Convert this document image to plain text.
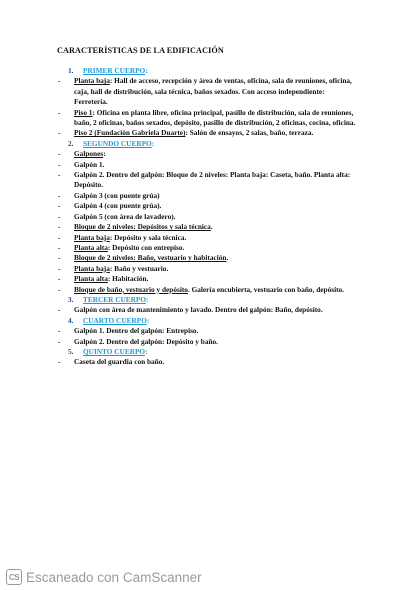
CARACTERÍSTICAS DE LA EDIFICACIÓN
1.	PRIMER CUERPO:
-	Planta baja: Hall de acceso, recepción y área de ventas, oficina, sala de reuniones, oficina, caja, hall de distribución, sala técnica, baños sexados. Con acceso independiente: Ferretería.
-	Piso 1: Oficina en planta libre, oficina principal, pasillo de distribución, sala de reuniones, baño, 2 oficinas, baños sexados, depósito, pasillo de distribución, 2 oficinas, cocina, oficina.
-	Piso 2 (Fundación Gabriela Duarte): Salón de ensayos, 2 salas, baño, terraza.
2.	SEGUNDO CUERPO:
-	Galpones:
-	Galpón 1.
-	Galpón 2. Dentro del galpón: Bloque de 2 niveles: Planta baja: Caseta, baño. Planta alta: Depósito.
-	Galpón 3 (con puente grúa)
-	Galpón 4 (con puente grúa).
-	Galpón 5 (con área de lavadero).
-	Bloque de 2 niveles: Depósitos y sala técnica.
-	Planta baja: Depósito y sala técnica.
-	Planta alta: Depósito con entrepiso.
-	Bloque de 2 niveles: Baño, vestuario y habitación.
-	Planta baja: Baño y vestuario.
-	Planta alta: Habitación.
-	Bloque de baño, vestuario y depósito. Galería encubierta, vestuario con baño, depósito.
3.	TERCER CUERPO:
-	Galpón con área de mantenimiento y lavado. Dentro del galpón: Baño, depósito.
4.	CUARTO CUERPO:
-	Galpón 1. Dentro del galpón: Entrepiso.
-	Galpón 2. Dentro del galpón: Depósito y baño.
5.	QUINTO CUERPO:
-	Caseta del guardia con baño.
CS Escaneado con CamScanner
